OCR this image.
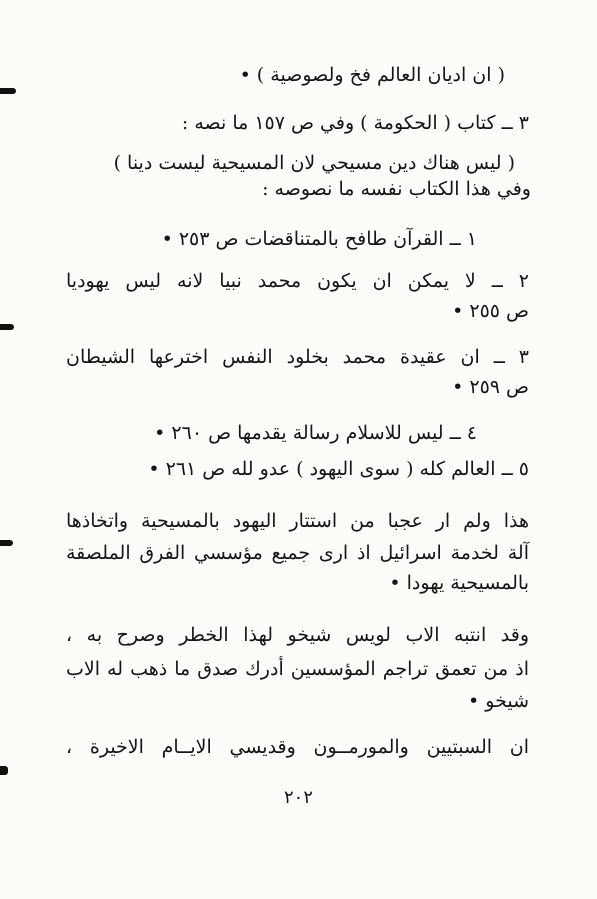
( ان اديان العالم فخ ولصوصية ) •
٣ ــ كتاب ( الحكومة ) وفي ص ١٥٧ ما نصه :
( ليس هناك دين مسيحي لان المسيحية ليست دينا )
وفي هذا الكتاب نفسه ما نصوصه :
١ ــ القرآن طافح بالمتناقضات ص ٢٥٣ •
٢ ــ لا يمكن ان يكون محمد نبيا لانه ليس يهوديا
ص ٢٥٥ •
٣ ــ ان عقيدة محمد بخلود النفس اخترعها الشيطان
ص ٢٥٩ •
٤ ــ ليس للاسلام رسالة يقدمها ص ٢٦٠ •
٥ ــ العالم كله ( سوى اليهود ) عدو لله ص ٢٦١ •
هذا ولم ار عجبا من استتار اليهود بالمسيحية واتخاذها
آلة لخدمة اسرائيل اذ ارى جميع مؤسسي الفرق الملصقة
بالمسيحية يهودا •
وقد انتبه الاب لويس شيخو لهذا الخطر وصرح به ،
اذ من تعمق تراجم المؤسسين أدرك صدق ما ذهب له الاب
شيخو •
ان السبتيين والمورمــون وقديسي الايــام الاخيرة ،
٢٠٢
